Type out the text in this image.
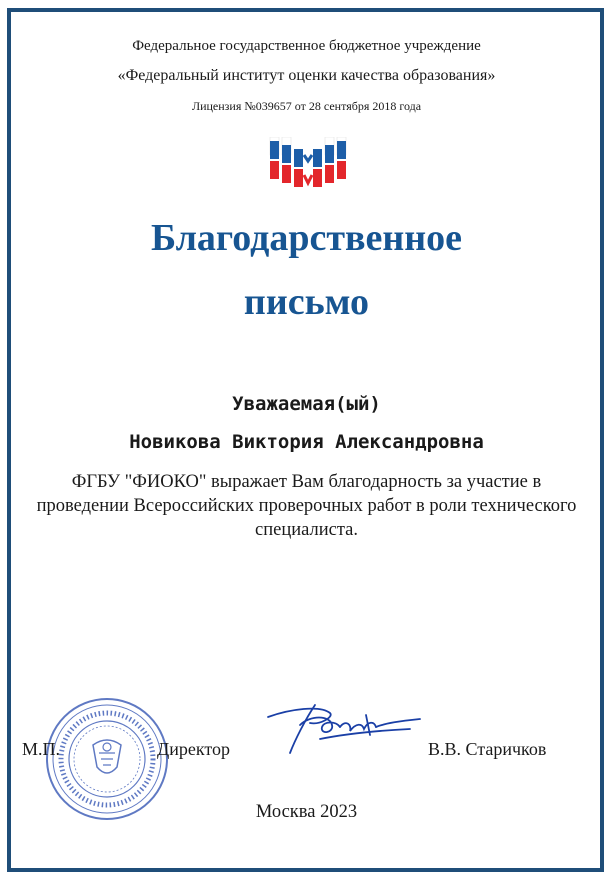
Федеральное государственное бюджетное учреждение
«Федеральный институт оценки качества образования»
Лицензия №039657 от 28 сентября 2018 года
Благодарственное
письмо
Уважаемая(ый)
Новикова Виктория Александровна
ФГБУ "ФИОКО" выражает Вам благодарность за участие в проведении Всероссийских проверочных работ в роли технического специалиста.
М.П.	Директор	В.В. Старичков
Москва 2023
